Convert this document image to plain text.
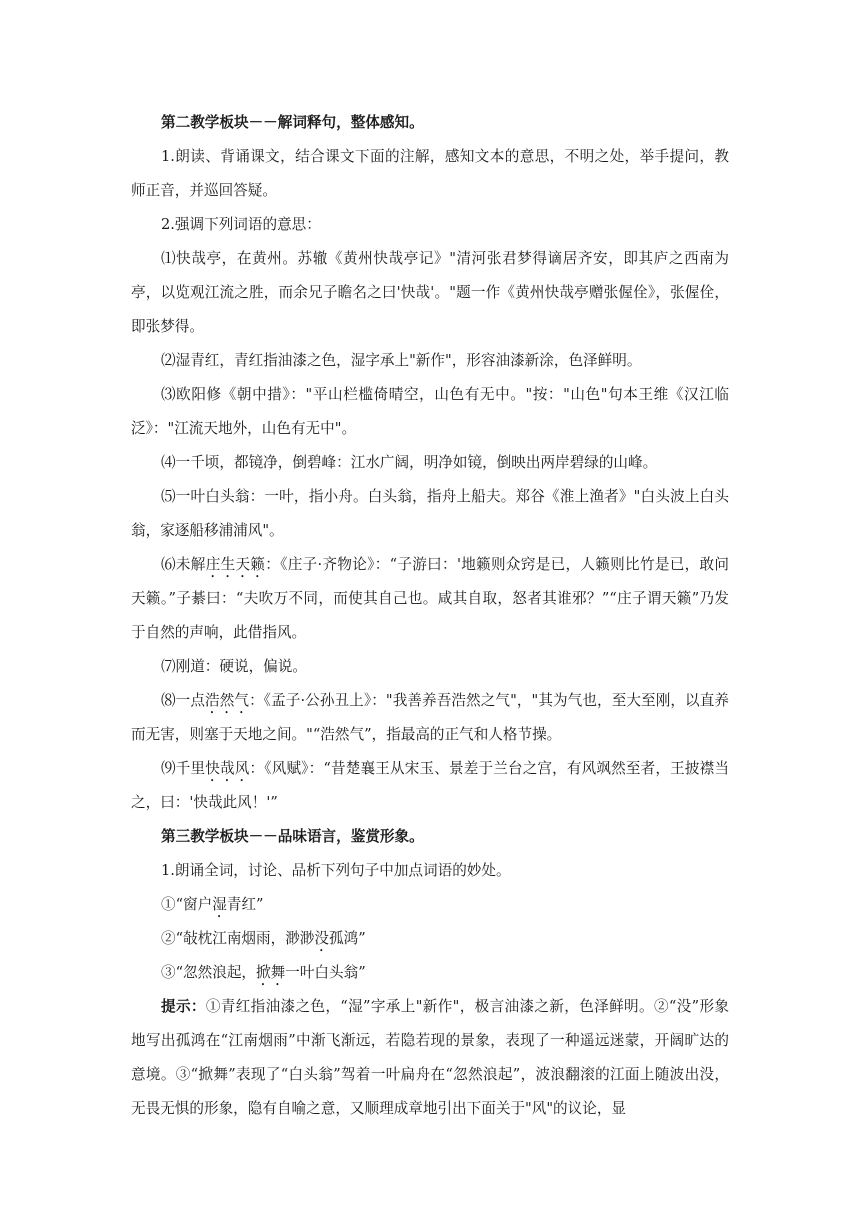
第二教学板块－－解词释句，整体感知。

1.朗读、背诵课文，结合课文下面的注解，感知文本的意思，不明之处，举手提问，教师正音，并巡回答疑。

2.强调下列词语的意思：

⑴快哉亭，在黄州。苏辙《黄州快哉亭记》"清河张君梦得谪居齐安，即其庐之西南为亭，以览观江流之胜，而余兄子瞻名之曰'快哉'。"题一作《黄州快哉亭赠张偓佺》，张偓佺，即张梦得。

⑵湿青红，青红指油漆之色，湿字承上"新作"，形容油漆新涂，色泽鲜明。

⑶欧阳修《朝中措》："平山栏槛倚晴空，山色有无中。"按："山色"句本王维《汉江临泛》："江流天地外，山色有无中"。

⑷一千顷，都镜净，倒碧峰：江水广阔，明净如镜，倒映出两岸碧绿的山峰。

⑸一叶白头翁：一叶，指小舟。白头翁，指舟上船夫。郑谷《淮上渔者》"白头波上白头翁，家逐船移浦浦风"。

⑹未解庄生天籁：《庄子·齐物论》：“子游曰：'地籁则众窍是已，人籁则比竹是已，敢问天籁。”子綦曰：“夫吹万不同，而使其自己也。咸其自取，怒者其谁邪？”“庄子谓天籁”乃发于自然的声响，此借指风。

⑺刚道：硬说，偏说。

⑻一点浩然气：《孟子·公孙丑上》："我善养吾浩然之气"，"其为气也，至大至刚，以直养而无害，则塞于天地之间。"“浩然气”，指最高的正气和人格节操。

⑼千里快哉风：《风赋》：“昔楚襄王从宋玉、景差于兰台之宫，有风飒然至者，王披襟当之，曰：'快哉此风！'”

第三教学板块－－品味语言，鉴赏形象。

1.朗诵全词，讨论、品析下列句子中加点词语的妙处。

①“窗户湿青红”

②“敧枕江南烟雨，渺渺没孤鸿”

③“忽然浪起，掀舞一叶白头翁”

提示：①青红指油漆之色，“湿”字承上"新作"，极言油漆之新，色泽鲜明。②“没”形象地写出孤鸿在“江南烟雨”中渐飞渐远，若隐若现的景象，表现了一种遥远迷蒙，开阔旷达的意境。③“掀舞”表现了“白头翁”驾着一叶扁舟在“忽然浪起”，波浪翻滚的江面上随波出没，无畏无惧的形象，隐有自喻之意，又顺理成章地引出下面关于"风"的议论，显
